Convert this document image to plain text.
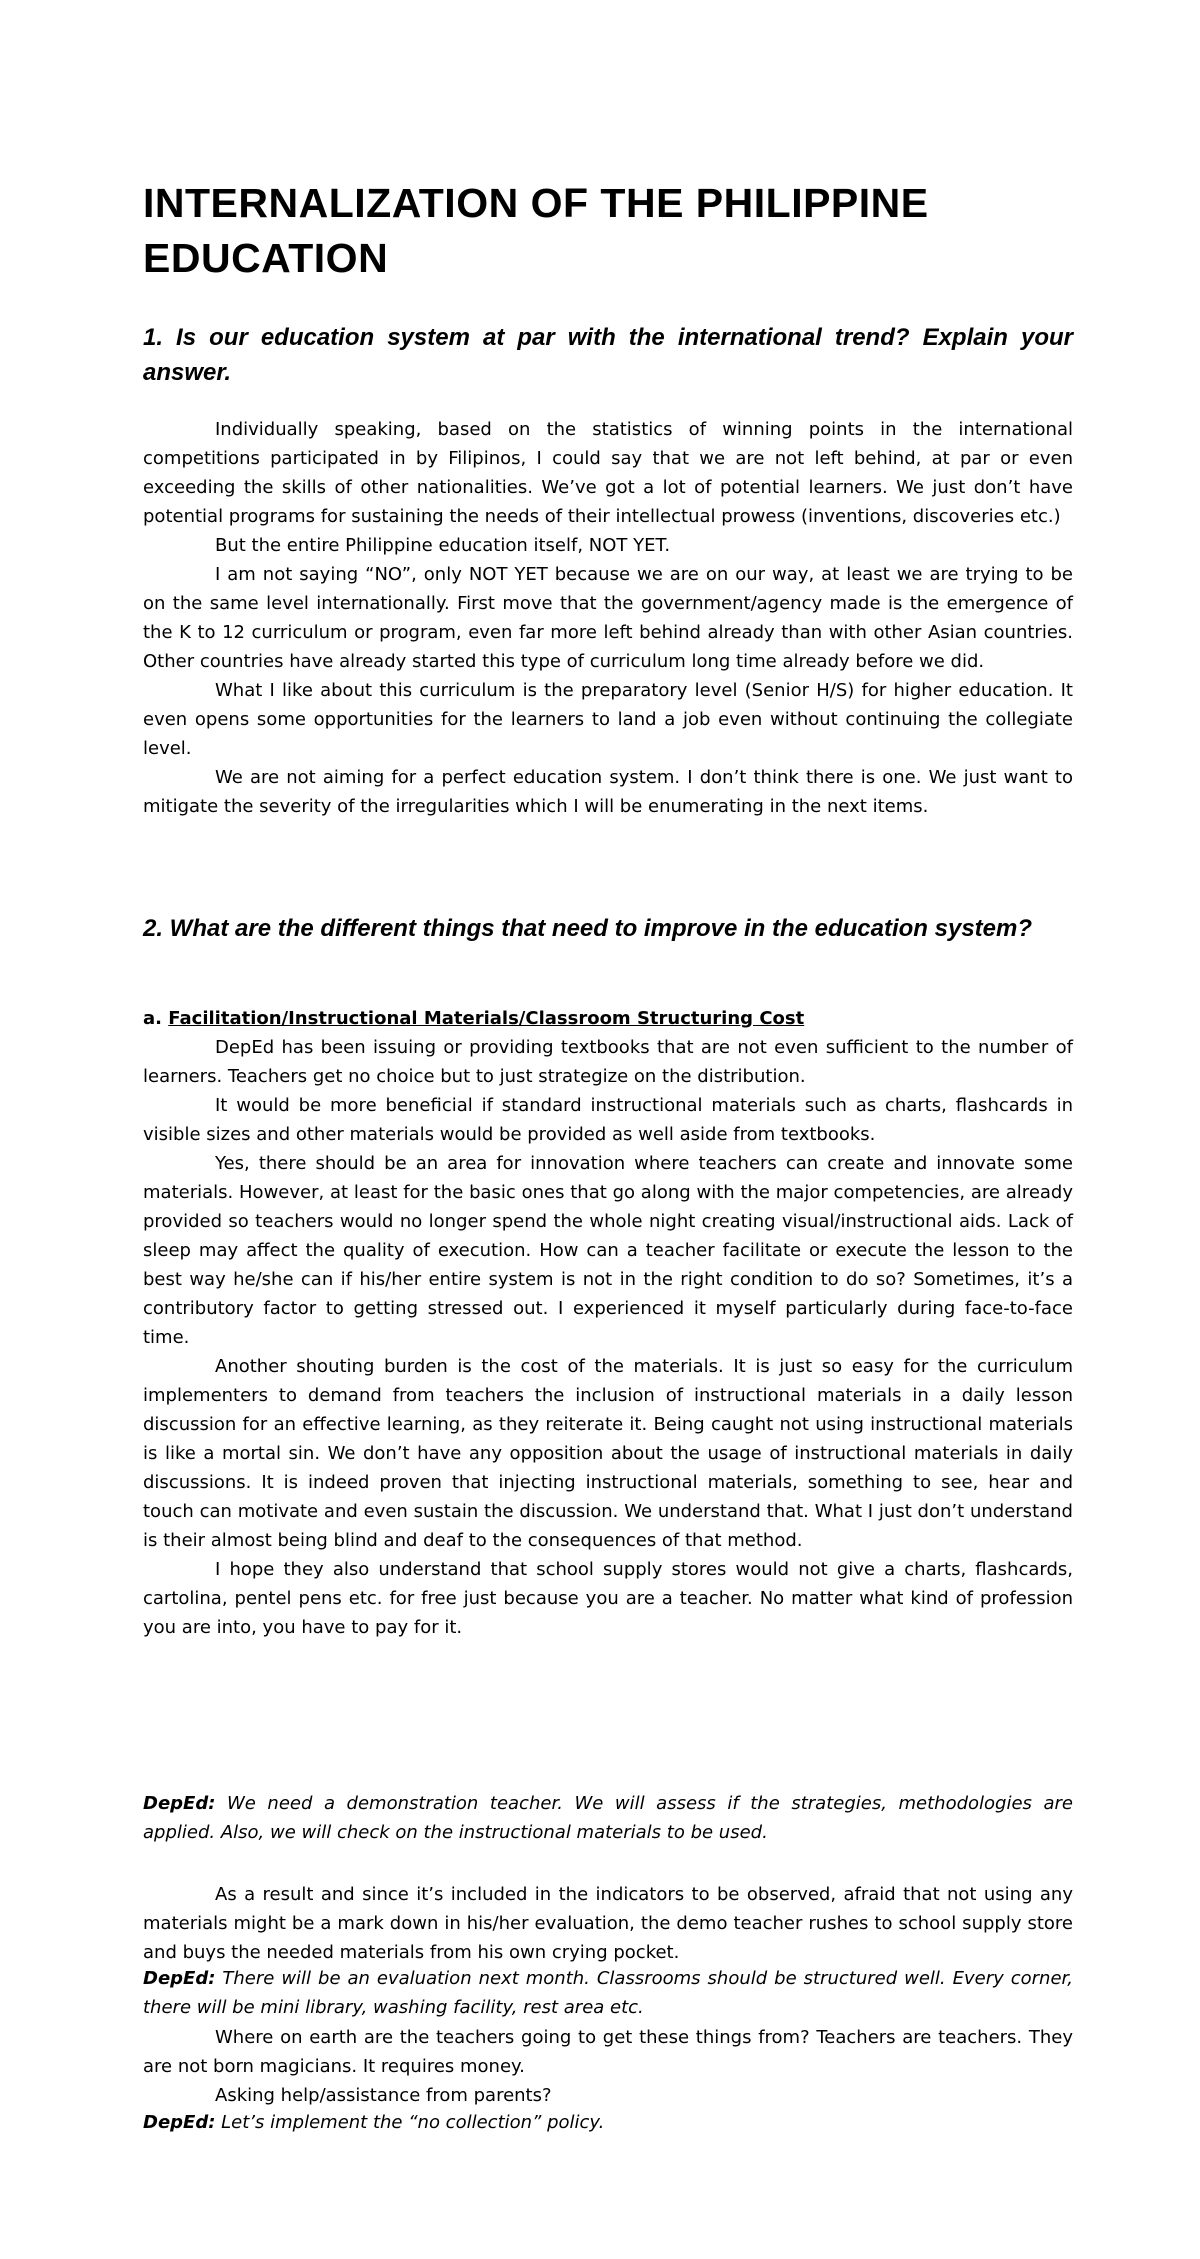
INTERNALIZATION OF THE PHILIPPINE EDUCATION
1. Is our education system at par with the international trend? Explain your answer.

Individually speaking, based on the statistics of winning points in the international competitions participated in by Filipinos, I could say that we are not left behind, at par or even exceeding the skills of other nationalities. We’ve got a lot of potential learners. We just don’t have potential programs for sustaining the needs of their intellectual prowess (inventions, discoveries etc.)

But the entire Philippine education itself, NOT YET.

I am not saying “NO”, only NOT YET because we are on our way, at least we are trying to be on the same level internationally. First move that the government/agency made is the emergence of the K to 12 curriculum or program, even far more left behind already than with other Asian countries. Other countries have already started this type of curriculum long time already before we did.

What I like about this curriculum is the preparatory level (Senior H/S) for higher education. It even opens some opportunities for the learners to land a job even without continuing the collegiate level.

We are not aiming for a perfect education system. I don’t think there is one. We just want to mitigate the severity of the irregularities which I will be enumerating in the next items.

2. What are the different things that need to improve in the education system?

a. Facilitation/Instructional Materials/Classroom Structuring Cost

DepEd has been issuing or providing textbooks that are not even sufficient to the number of learners. Teachers get no choice but to just strategize on the distribution.

It would be more beneficial if standard instructional materials such as charts, flashcards in visible sizes and other materials would be provided as well aside from textbooks.

Yes, there should be an area for innovation where teachers can create and innovate some materials. However, at least for the basic ones that go along with the major competencies, are already provided so teachers would no longer spend the whole night creating visual/instructional aids. Lack of sleep may affect the quality of execution. How can a teacher facilitate or execute the lesson to the best way he/she can if his/her entire system is not in the right condition to do so? Sometimes, it’s a contributory factor to getting stressed out. I experienced it myself particularly during face-to-face time.

Another shouting burden is the cost of the materials. It is just so easy for the curriculum implementers to demand from teachers the inclusion of instructional materials in a daily lesson discussion for an effective learning, as they reiterate it. Being caught not using instructional materials is like a mortal sin. We don’t have any opposition about the usage of instructional materials in daily discussions. It is indeed proven that injecting instructional materials, something to see, hear and touch can motivate and even sustain the discussion. We understand that. What I just don’t understand is their almost being blind and deaf to the consequences of that method.

I hope they also understand that school supply stores would not give a charts, flashcards, cartolina, pentel pens etc. for free just because you are a teacher. No matter what kind of profession you are into, you have to pay for it.

DepEd: We need a demonstration teacher. We will assess if the strategies, methodologies are applied. Also, we will check on the instructional materials to be used.

As a result and since it’s included in the indicators to be observed, afraid that not using any materials might be a mark down in his/her evaluation, the demo teacher rushes to school supply store and buys the needed materials from his own crying pocket.

DepEd: There will be an evaluation next month. Classrooms should be structured well. Every corner, there will be mini library, washing facility, rest area etc.

Where on earth are the teachers going to get these things from? Teachers are teachers. They are not born magicians. It requires money.

Asking help/assistance from parents?

DepEd: Let’s implement the “no collection” policy.
